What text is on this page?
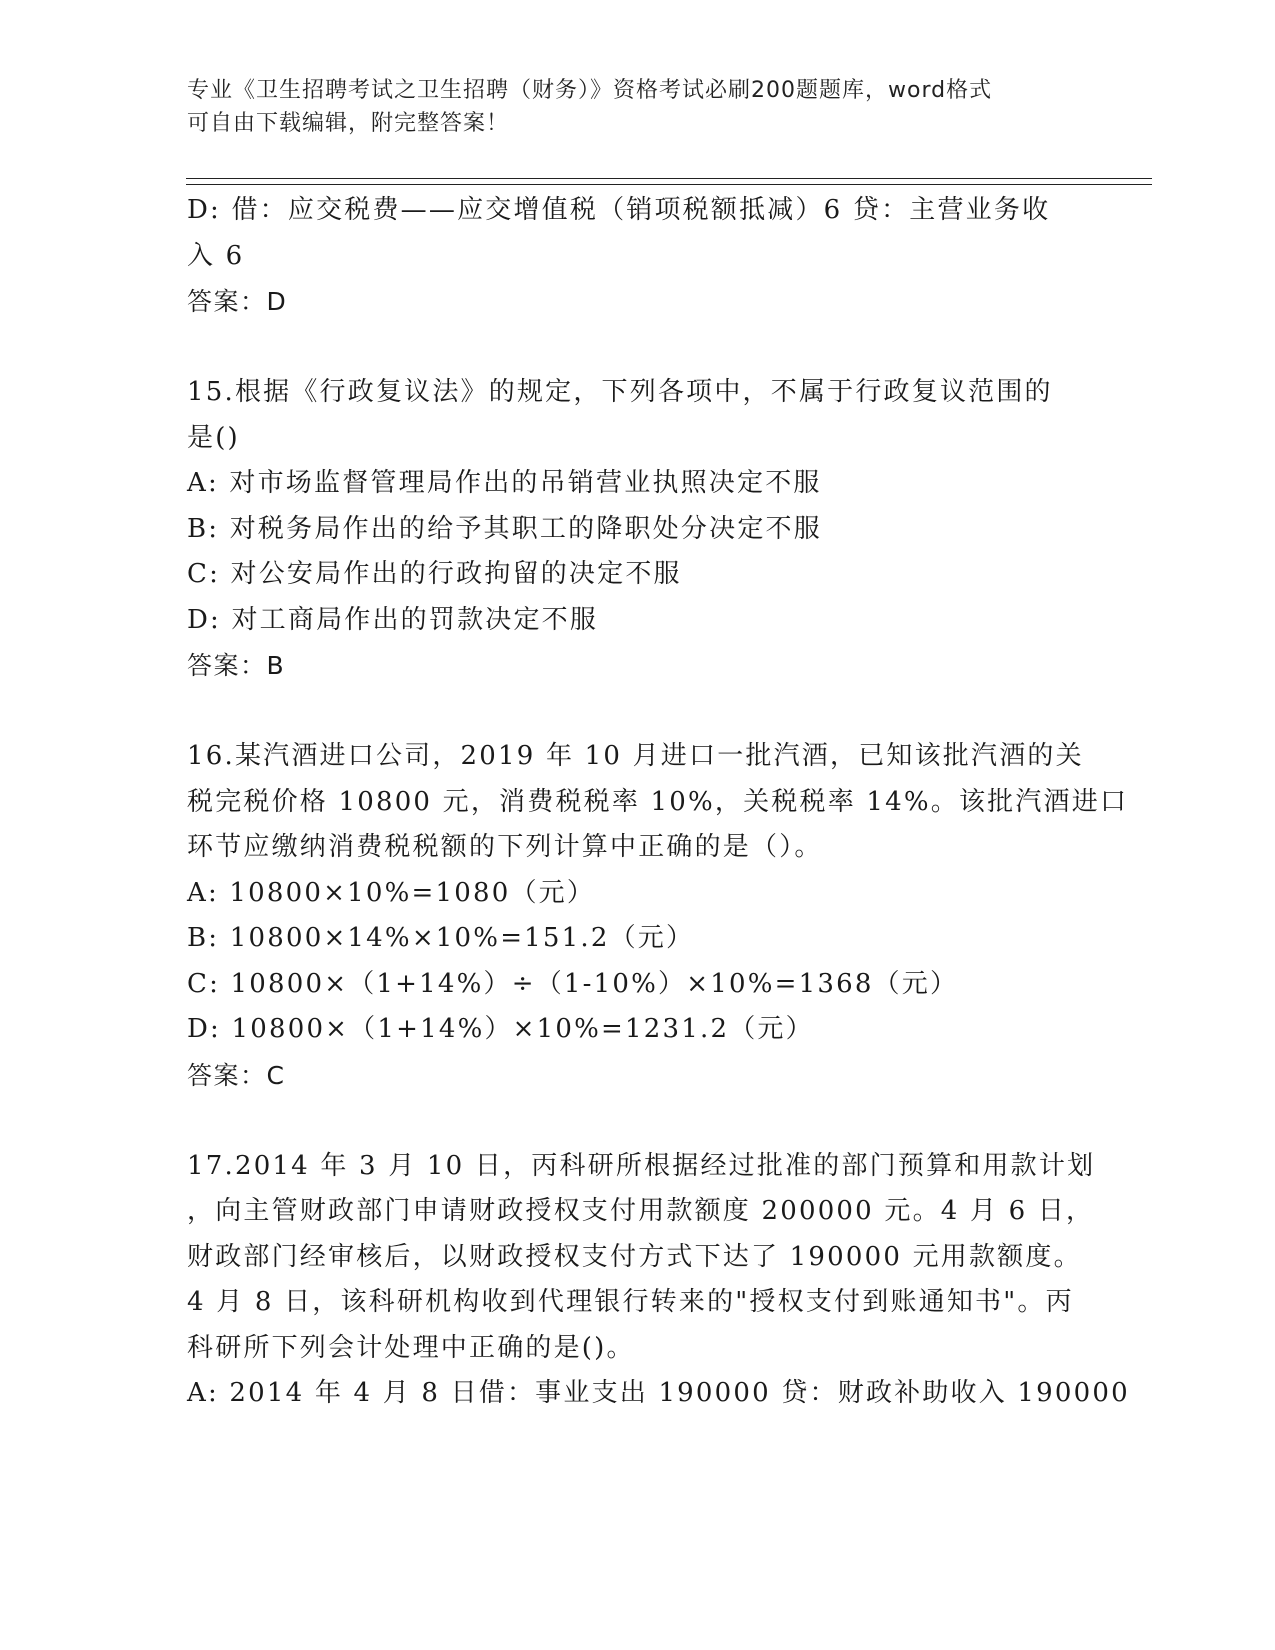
专业《卫生招聘考试之卫生招聘（财务）》资格考试必刷200题题库，word格式
可自由下载编辑，附完整答案！
D: 借：应交税费——应交增值税（销项税额抵减）6 贷：主营业务收
入 6
答案：D
15.根据《行政复议法》的规定，下列各项中，不属于行政复议范围的
是()
A: 对市场监督管理局作出的吊销营业执照决定不服
B: 对税务局作出的给予其职工的降职处分决定不服
C: 对公安局作出的行政拘留的决定不服
D: 对工商局作出的罚款决定不服
答案：B
16.某汽酒进口公司，2019 年 10 月进口一批汽酒，已知该批汽酒的关
税完税价格 10800 元，消费税税率 10%，关税税率 14%。该批汽酒进口
环节应缴纳消费税税额的下列计算中正确的是（）。
A: 10800×10%=1080（元）
B: 10800×14%×10%=151.2（元）
C: 10800×（1+14%）÷（1-10%）×10%=1368（元）
D: 10800×（1+14%）×10%=1231.2（元）
答案：C
17.2014 年 3 月 10 日，丙科研所根据经过批准的部门预算和用款计划
，向主管财政部门申请财政授权支付用款额度 200000 元。4 月 6 日，
财政部门经审核后，以财政授权支付方式下达了 190000 元用款额度。
4 月 8 日，该科研机构收到代理银行转来的"授权支付到账通知书"。丙
科研所下列会计处理中正确的是()。
A: 2014 年 4 月 8 日借：事业支出 190000 贷：财政补助收入 190000
